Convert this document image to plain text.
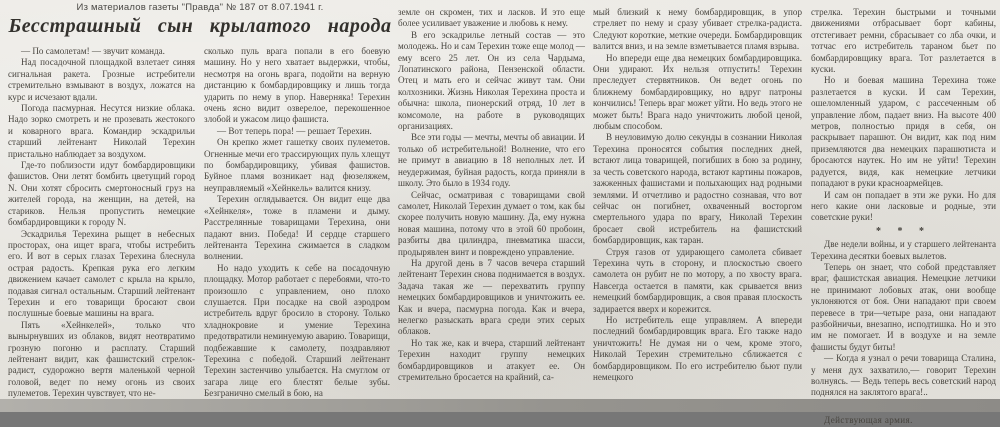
Из материалов газеты "Правда" № 187 от 8.07.1941 г.
Бесстрашный сын крылатого народа

— По самолетам! — звучит команда.

Над посадочной площадкой взлетает синяя сигнальная ракета. Грозные истребители стремительно взмывают в воздух, ложатся на курс и исчезают вдали.

Погода пасмурная. Несутся низкие облака. Надо зорко смотреть и не прозевать жестокого и коварного врага. Командир эскадрильи старший лейтенант Николай Терехин пристально наблюдает за воздухом.

Где-то поблизости идут бомбардировщики фашистов. Они летят бомбить цветущий город N. Они хотят сбросить смертоносный груз на жителей города, на женщин, на детей, на стариков. Нельзя пропустить немецкие бомбардировщики к городу N.

Эскадрилья Терехина рыщет в небесных просторах, она ищет врага, чтобы истребить его. И вот в серых глазах Терехина блеснула острая радость. Крепкая рука его легким движением качает самолет с крыла на крыло, подавая сигнал остальным. Старший лейтенант Терехин и его товарищи бросают свои послушные боевые машины на врага.

Пять «Хейнкелей», только что вынырнувших из облаков, видят неотвратимо грозную погоню и расплату. Старший лейтенант видит, как фашистский стрелок-радист, судорожно вертя маленькой черной головой, ведет по нему огонь из своих пулеметов. Терехин чувствует, что не-

сколько пуль врага попали в его боевую машину. Но у него хватает выдержки, чтобы, несмотря на огонь врага, подойти на верную дистанцию к бомбардировщику и лишь тогда ударить по нему в упор. Наверняка! Терехин очень ясно видит озверелое, перекошенное злобой и ужасом лицо фашиста.

— Вот теперь пора! — решает Терехин.

Он крепко жмет гашетку своих пулеметов. Огненные мечи его трассирующих пуль хлещут по бомбардировщику, убивая фашистов. Буйное пламя возникает над фюзеляжем, неуправляемый «Хейнкель» валится книзу.

Терехин оглядывается. Он видит еще два «Хейнкеля», тоже в пламени и дыму. Расстрелянные товарищами Терехина, они падают вниз. Победа! И сердце старшего лейтенанта Терехина сжимается в сладком волнении.

Но надо уходить к себе на посадочную площадку. Мотор работает с перебоями, что-то произошло с управлением, оно плохо слушается. При посадке на свой аэродром истребитель вдруг бросило в сторону. Только хладнокровие и умение Терехина предотвратили неминуемую аварию. Товарищи, подбежавшие к самолету, поздравляют Терехина с победой. Старший лейтенант Терехин застенчиво улыбается. На смуглом от загара лице его блестят белые зубы. Безгранично смелый в бою, на

земле он скромен, тих и ласков. И это еще более усиливает уважение и любовь к нему.

В его эскадрилье летный состав — это молодежь. Но и сам Терехин тоже еще молод — ему всего 25 лет. Он из села Чардыма, Лопатинского района, Пензенской области. Отец и мать его и сейчас живут там. Они колхозники. Жизнь Николая Терехина проста и обычна: школа, пионерский отряд, 10 лет в комсомоле, на работе в руководящих организациях.

Все эти годы — мечты, мечты об авиации. И только об истребительной! Волнение, что его не примут в авиацию в 18 неполных лет. И неудержимая, буйная радость, когда приняли в школу. Это было в 1934 году.

Сейчас, осматривая с товарищами свой самолет, Николай Терехин думает о том, как бы скорее получить новую машину. Да, ему нужна новая машина, потому что в этой 60 пробоин, разбиты два цилиндра, пневматика шасси, продырявлен винт и повреждено управление.

На другой день в 7 часов вечера старший лейтенант Терехин снова поднимается в воздух. Задача такая же — перехватить группу немецких бомбардировщиков и уничтожить ее. Как и вчера, пасмурна погода. Как и вчера, нелегко разыскать врага среди этих серых облаков.

Но так же, как и вчера, старший лейтенант Терехин находит группу немецких бомбардировщиков и атакует ее. Он стремительно бросается на крайний, са-

мый близкий к нему бомбардировщик, в упор стреляет по нему и сразу убивает стрелка-радиста. Следуют короткие, меткие очереди. Бомбардировщик валится вниз, и на земле взметывается пламя взрыва.

Но впереди еще два немецких бомбардировщика. Они удирают. Их нельзя отпустить! Терехин преследует стервятников. Он ведет огонь по ближнему бомбардировщику, но вдруг патроны кончились! Теперь враг может уйти. Но ведь этого не может быть! Врага надо уничтожить любой ценой, любым способом.

В неуловимую долю секунды в сознании Николая Терехина проносятся события последних дней, встают лица товарищей, погибших в бою за родину, за честь советского народа, встают картины пожаров, зажженных фашистами и полыхающих над родными землями. И отчетливо и радостно сознавая, что вот сейчас он погибнет, охваченный восторгом смертельного удара по врагу, Николай Терехин бросает свой истребитель на фашистский бомбардировщик, как таран.

Струя газов от удирающего самолета сбивает Терехина чуть в сторону, и плоскостью своего самолета он рубит не по мотору, а по хвосту врага. Навсегда остается в памяти, как срывается вниз немецкий бомбардировщик, а своя правая плоскость задирается вверх и корежится.

Но истребитель еще управляем. А впереди последний бомбардировщик врага. Его также надо уничтожить! Не думая ни о чем, кроме этого, Николай Терехин стремительно сближается с бомбардировщиком. По его истребителю бьют пули немецкого

стрелка. Терехин быстрыми и точными движениями отбрасывает борт кабины, отстегивает ремни, сбрасывает со лба очки, и тотчас его истребитель тараном бьет по бомбардировщику врага. Тот разлетается в куски.

Но и боевая машина Терехина тоже разлетается в куски. И сам Терехин, ошеломленный ударом, с рассеченным об управление лбом, падает вниз. На высоте 400 метров, полностью придя в себя, он раскрывает парашют. Он видит, как под ним приземляются два немецких парашютиста и бросаются наутек. Но им не уйти! Терехин радуется, видя, как немецкие летчики попадают в руки красноармейцев.

И сам он попадает в эти же руки. Но для него какие они ласковые и родные, эти советские руки!

* * *

Две недели войны, и у старшего лейтенанта Терехина десятки боевых вылетов.

Теперь он знает, что собой представляет враг, фашистская авиация. Немецкие летчики не принимают лобовых атак, они вообще уклоняются от боя. Они нападают при своем перевесе в три—четыре раза, они нападают разбойничьи, внезапно, исподтишка. Но и это им не помогает. И в воздухе и на земле фашисты будут биты!

— Когда я узнал о речи товарища Сталина, у меня дух захватило,— говорит Терехин волнуясь. — Ведь теперь весь советский народ поднялся на заклятого врага!..

Действующая армия.
